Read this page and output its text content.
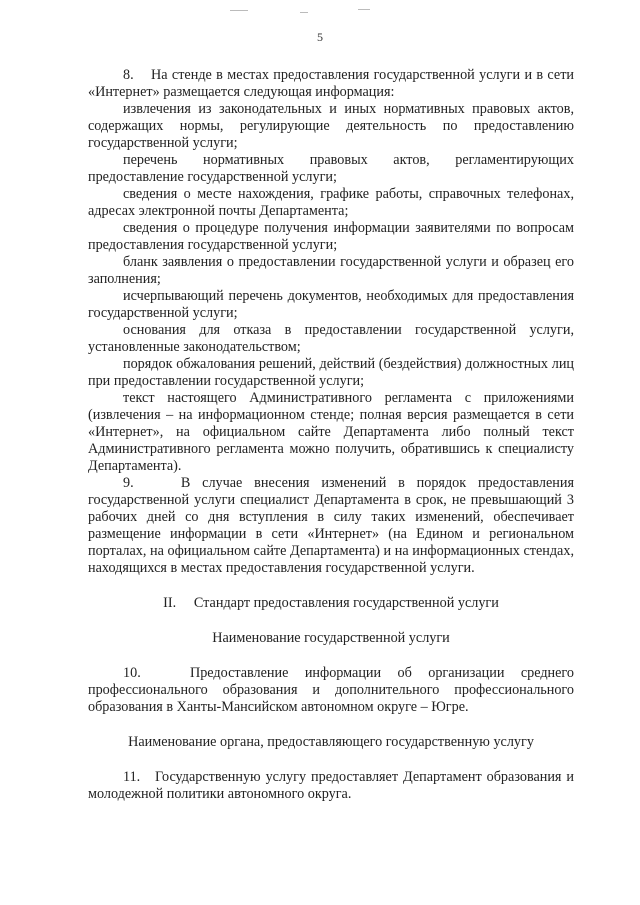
5

8.    На стенде в местах предоставления государственной услуги и в сети «Интернет» размещается следующая информация:

извлечения из законодательных и иных нормативных правовых актов, содержащих нормы, регулирующие деятельность по предоставлению государственной услуги;

перечень нормативных правовых актов, регламентирующих предоставление государственной услуги;

сведения о месте нахождения, графике работы, справочных телефонах, адресах электронной почты Департамента;

сведения о процедуре получения информации заявителями по вопросам предоставления государственной услуги;

бланк заявления о предоставлении государственной услуги и образец его заполнения;

исчерпывающий перечень документов, необходимых для предоставления государственной услуги;

основания для отказа в предоставлении государственной услуги, установленные законодательством;

порядок обжалования решений, действий (бездействия) должностных лиц при предоставлении государственной услуги;

текст настоящего Административного регламента с приложениями (извлечения – на информационном стенде; полная версия размещается в сети «Интернет», на официальном сайте Департамента либо полный текст Административного регламента можно получить, обратившись к специалисту Департамента).

9.    В случае внесения изменений в порядок предоставления государственной услуги специалист Департамента в срок, не превышающий 3 рабочих дней со дня вступления в силу таких изменений, обеспечивает размещение информации в сети «Интернет» (на Едином и региональном порталах, на официальном сайте Департамента) и на информационных стендах, находящихся в местах предоставления государственной услуги.

II.     Стандарт предоставления государственной услуги

Наименование государственной услуги

10.   Предоставление информации об организации среднего профессионального образования и дополнительного профессионального образования в Ханты-Мансийском автономном округе – Югре.

Наименование органа, предоставляющего государственную услугу

11.   Государственную услугу предоставляет Департамент образования и молодежной политики автономного округа.
